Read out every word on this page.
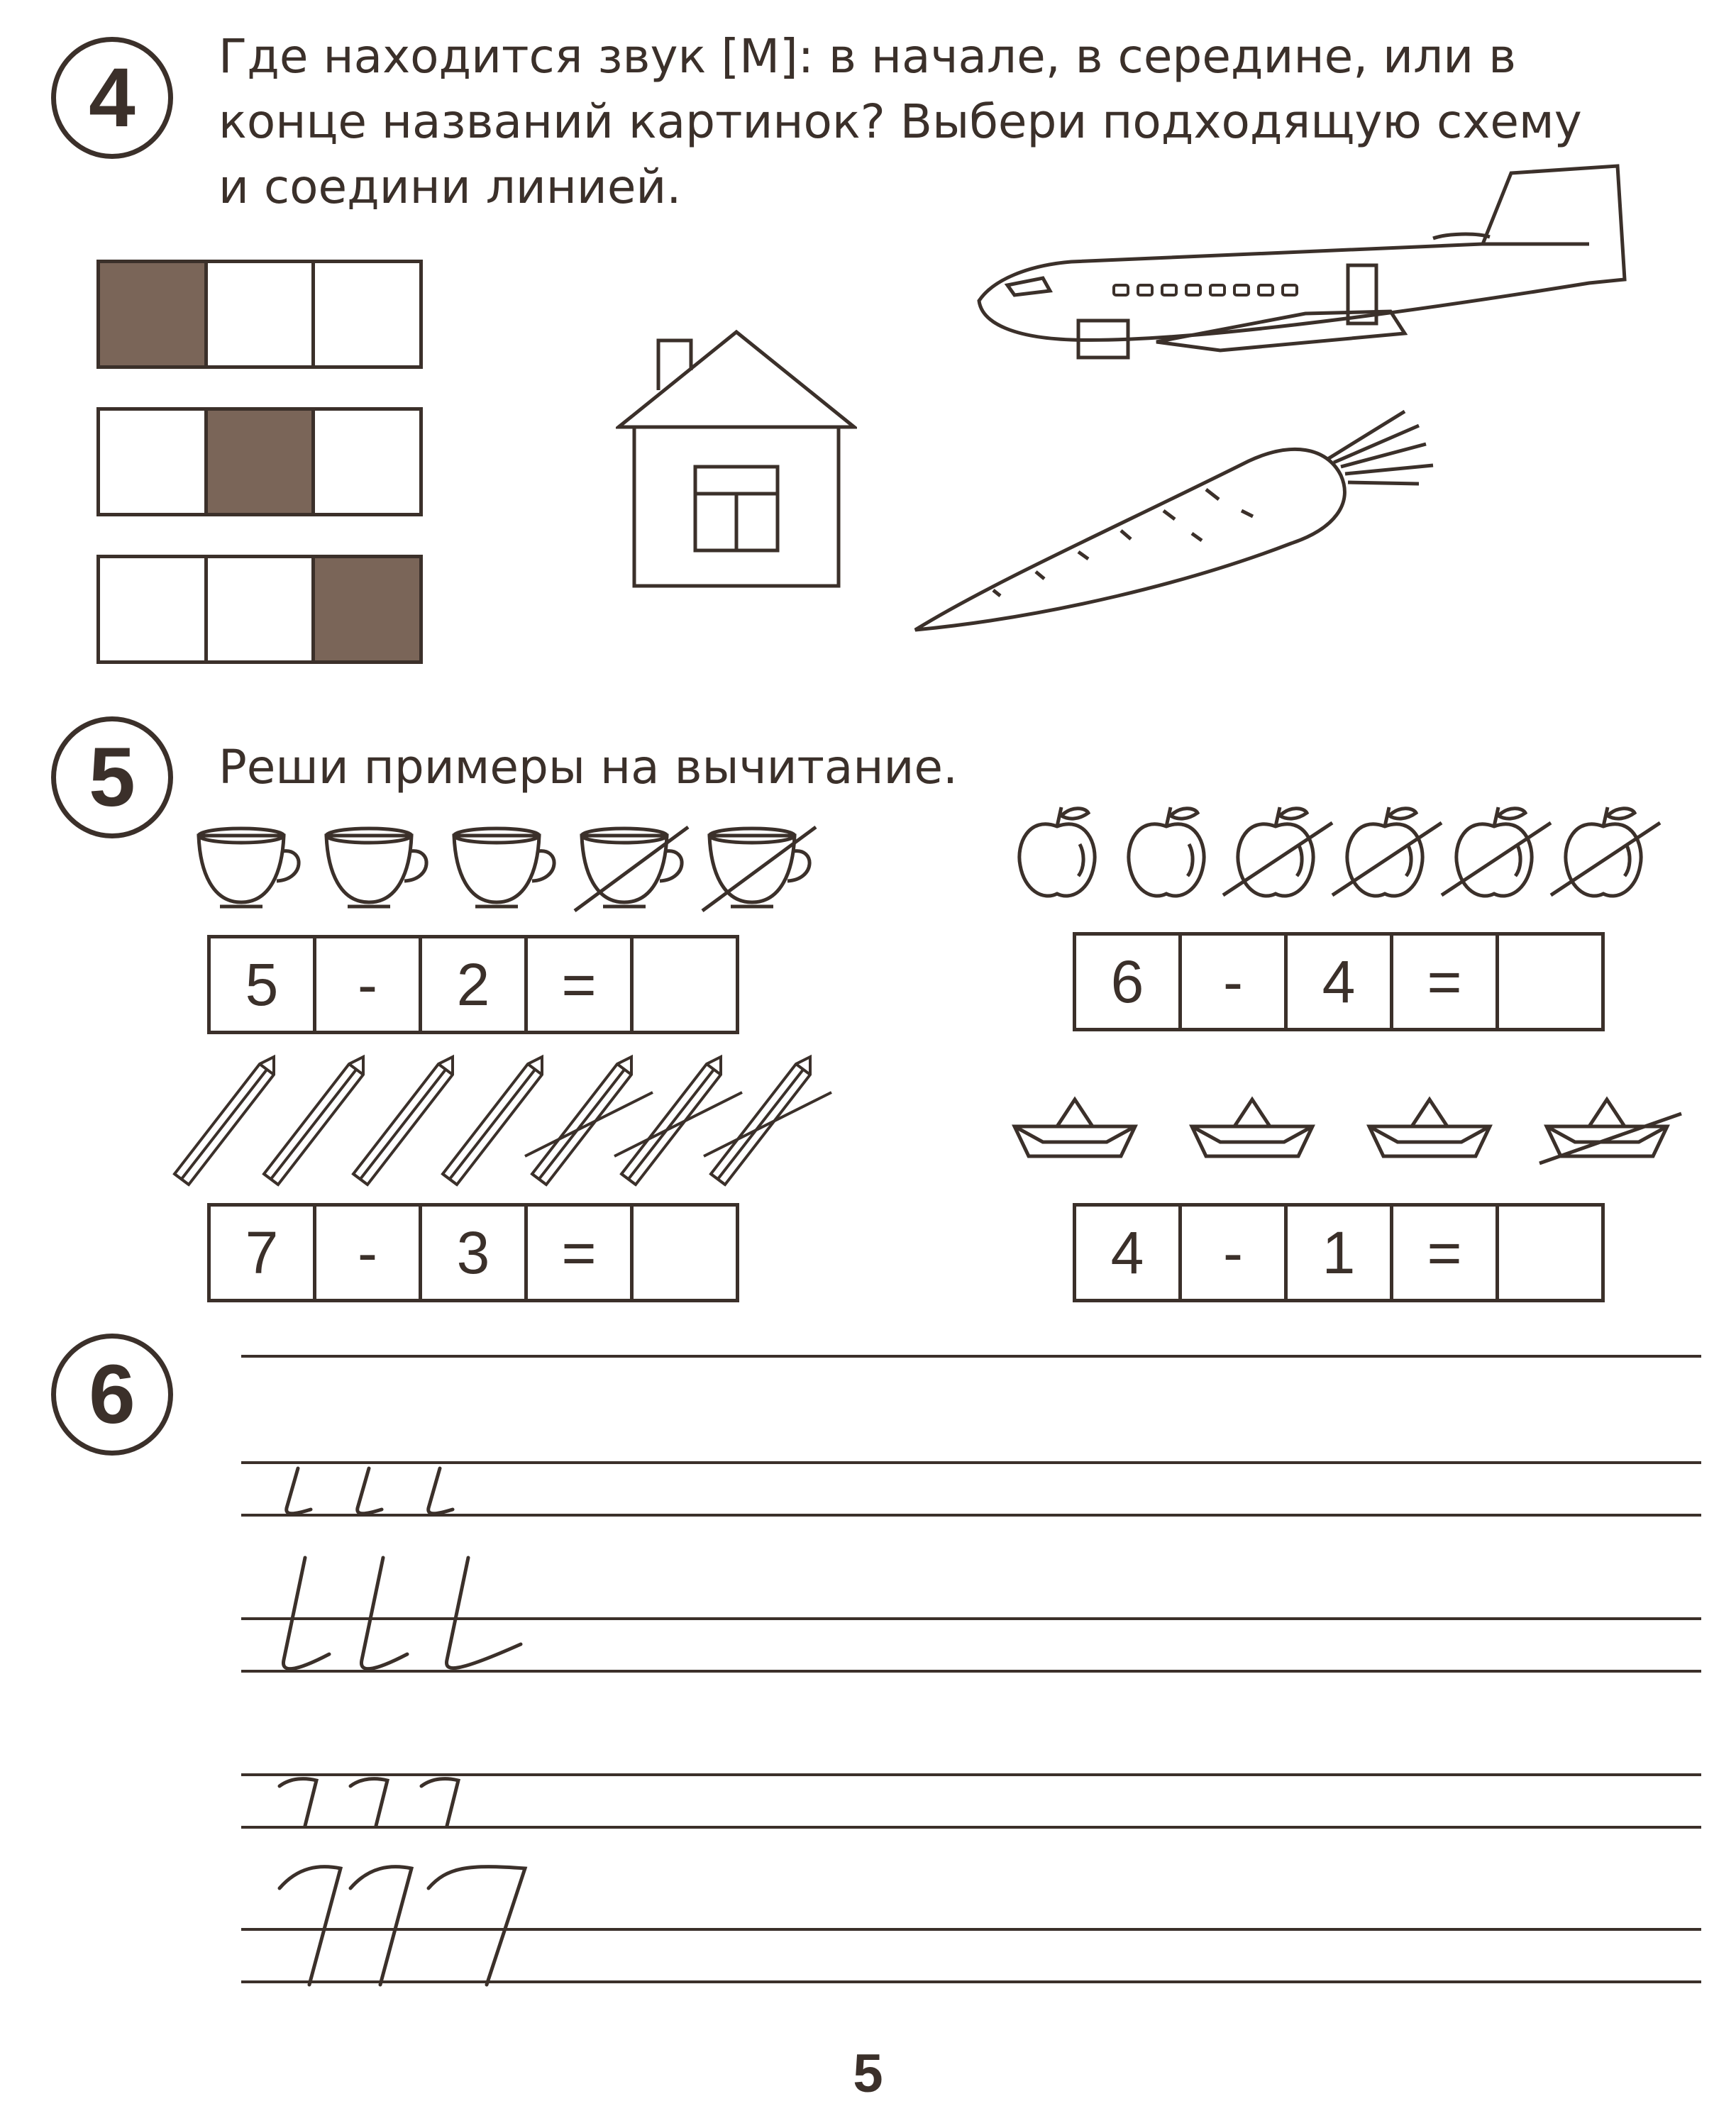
4	Где находится звук [М]: в начале, в середине, или в
конце названий картинок? Выбери подходящую схему
и соедини линией.
5	Реши примеры на вычитание.
5	-	2	=	6	-	4	=
7	-	3	=	4	-	1	=
6
5
